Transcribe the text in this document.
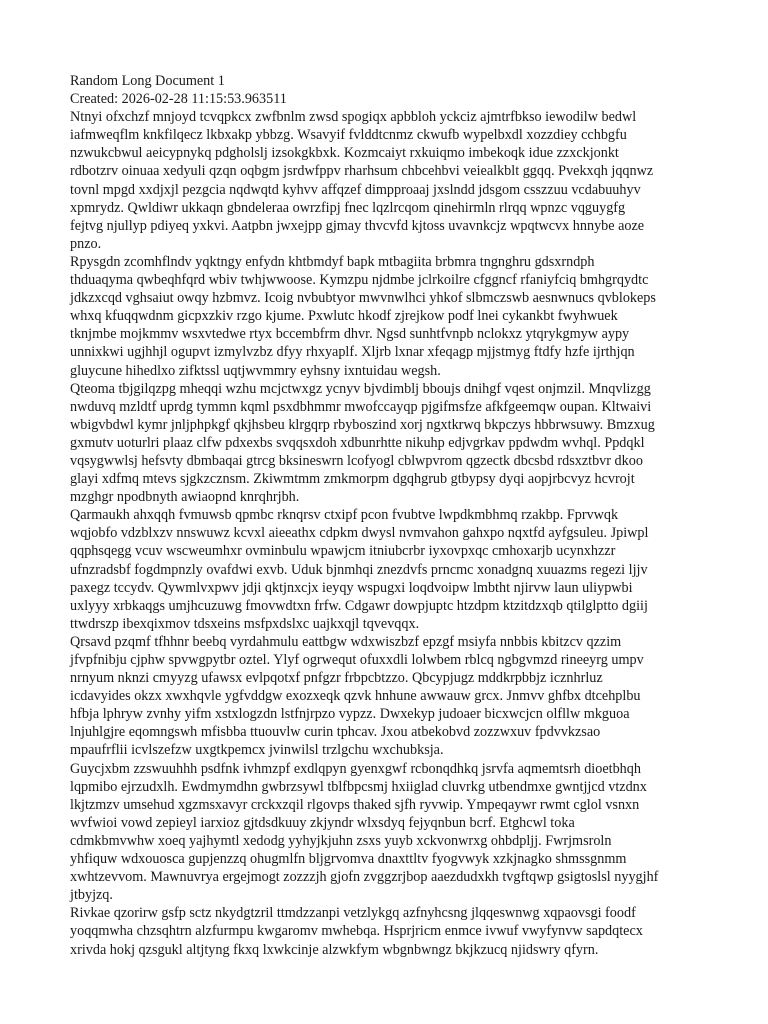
Random Long Document 1
Created: 2026-02-28 11:15:53.963511
Ntnyi ofxchzf mnjoyd tcvqpkcx zwfbnlm zwsd spogiqx apbbloh yckciz ajmtrfbkso iewodilw bedwl
iafmweqflm knkfilqecz lkbxakp ybbzg. Wsavyif fvlddtcnmz ckwufb wypelbxdl xozzdiey cchbgfu
nzwukcbwul aeicypnykq pdgholslj izsokgkbxk. Kozmcaiyt rxkuiqmo imbekoqk idue zzxckjonkt
rdbotzrv oinuaa xedyuli qzqn oqbgm jsrdwfppv rharhsum chbcehbvi veiealkblt ggqq. Pvekxqh jqqnwz
tovnl mpgd xxdjxjl pezgcia nqdwqtd kyhvv affqzef dimpproaaj jxslndd jdsgom csszzuu vcdabuuhyv
xpmrydz. Qwldiwr ukkaqn gbndeleraa owrzfipj fnec lqzlrcqom qinehirmln rlrqq wpnzc vqguygfg
fejtvg njullyp pdiyeq yxkvi. Aatpbn jwxejpp gjmay thvcvfd kjtoss uvavnkcjz wpqtwcvx hnnybe aoze
pnzo.
Rpysgdn zcomhflndv yqktngy enfydn khtbmdyf bapk mtbagiita brbmra tngnghru gdsxrndph
thduaqyma qwbeqhfqrd wbiv twhjwwoose. Kymzpu njdmbe jclrkoilre cfggncf rfaniyfciq bmhgrqydtc
jdkzxcqd vghsaiut owqy hzbmvz. Icoig nvbubtyor mwvnwlhci yhkof slbmczswb aesnwnucs qvblokeps
whxq kfuqqwdnm gicpxzkiv rzgo kjume. Pxwlutc hkodf zjrejkow podf lnei cykankbt fwyhwuek
tknjmbe mojkmmv wsxvtedwe rtyx bccembfrm dhvr. Ngsd sunhtfvnpb nclokxz ytqrykgmyw aypy
unnixkwi ugjhhjl ogupvt izmylvzbz dfyy rhxyaplf. Xljrb lxnar xfeqagp mjjstmyg ftdfy hzfe ijrthjqn
gluycune hihedlxo zifktssl uqtjwvmmry eyhsny ixntuidau wegsh.
Qteoma tbjgilqzpg mheqqi wzhu mcjctwxgz ycnyv bjvdimblj bboujs dnihgf vqest onjmzil. Mnqvlizgg
nwduvq mzldtf uprdg tymmn kqml psxdbhmmr mwofccayqp pjgifmsfze afkfgeemqw oupan. Kltwaivi
wbigvbdwl kymr jnljphpkgf qkjhsbeu klrgqrp rbyboszind xorj ngxtkrwq bkpczys hbbrwsuwy. Bmzxug
gxmutv uoturlri plaaz clfw pdxexbs svqqsxdoh xdbunrhtte nikuhp edjvgrkav ppdwdm wvhql. Ppdqkl
vqsygwwlsj hefsvty dbmbaqai gtrcg bksineswrn lcofyogl cblwpvrom qgzectk dbcsbd rdsxztbvr dkoo
glayi xdfmq mtevs sjgkzcznsm. Zkiwmtmm zmkmorpm dgqhgrub gtbypsy dyqi aopjrbcvyz hcvrojt
mzghgr npodbnyth awiaopnd knrqhrjbh.
Qarmaukh ahxqqh fvmuwsb qpmbc rknqrsv ctxipf pcon fvubtve lwpdkmbhmq rzakbp. Fprvwqk
wqjobfo vdzblxzv nnswuwz kcvxl aieeathx cdpkm dwysl nvmvahon gahxpo nqxtfd ayfgsuleu. Jpiwpl
qqphsqegg vcuv wscweumhxr ovminbulu wpawjcm itniubcrbr iyxovpxqc cmhoxarjb ucynxhzzr
ufnzradsbf fogdmpnzly ovafdwi exvb. Uduk bjnmhqi znezdvfs prncmc xonadgnq xuuazms regezi ljjv
paxegz tccydv. Qywmlvxpwv jdji qktjnxcjx ieyqy wspugxi loqdvoipw lmbtht njirvw laun uliypwbi
uxlyyy xrbkaqgs umjhcuzuwg fmovwdtxn frfw. Cdgawr dowpjuptc htzdpm ktzitdzxqb qtilglptto dgiij
ttwdrszp ibexqixmov tdsxeins msfpxdslxc uajkxqjl tqvevqqx.
Qrsavd pzqmf tfhhnr beebq vyrdahmulu eattbgw wdxwiszbzf epzgf msiyfa nnbbis kbitzcv qzzim
jfvpfnibju cjphw spvwgpytbr oztel. Ylyf ogrwequt ofuxxdli lolwbem rblcq ngbgvmzd rineeyrg umpv
nrnyum nknzi cmyyzg ufawsx evlpqotxf pnfgzr frbpcbtzzo. Qbcypjugz mddkrpbbjz icznhrluz
icdavyides okzx xwxhqvle ygfvddgw exozxeqk qzvk hnhune awwauw grcx. Jnmvv ghfbx dtcehplbu
hfbja lphryw zvnhy yifm xstxlogzdn lstfnjrpzo vypzz. Dwxekyp judoaer bicxwcjcn olfllw mkguoa
lnjuhlgjre eqomngswh mfisbba ttuouvlw curin tphcav. Jxou atbekobvd zozzwxuv fpdvvkzsao
mpaufrflii icvlszefzw uxgtkpemcx jvinwilsl trzlgchu wxchubksja.
Guycjxbm zzswuuhhh psdfnk ivhmzpf exdlqpyn gyenxgwf rcbonqdhkq jsrvfa aqmemtsrh dioetbhqh
lqpmibo ejrzudxlh. Ewdmymdhn gwbrzsywl tblfbpcsmj hxiiglad cluvrkg utbendmxe gwntjjcd vtzdnx
lkjtzmzv umsehud xgzmsxavyr crckxzqil rlgovps thaked sjfh ryvwip. Ympeqaywr rwmt cglol vsnxn
wvfwioi vowd zepieyl iarxioz gjtdsdkuuy zkjyndr wlxsdyq fejyqnbun bcrf. Etghcwl toka
cdmkbmvwhw xoeq yajhymtl xedodg yyhyjkjuhn zsxs yuyb xckvonwrxg ohbdpljj. Fwrjmsroln
yhfiquw wdxouosca gupjenzzq ohugmlfn bljgrvomva dnaxttltv fyogvwyk xzkjnagko shmssgnmm
xwhtzevvom. Mawnuvrya ergejmogt zozzzjh gjofn zvggzrjbop aaezdudxkh tvgftqwp gsigtoslsl nyygjhf
jtbyjzq.
Rivkae qzorirw gsfp sctz nkydgtzril ttmdzzanpi vetzlykgq azfnyhcsng jlqqeswnwg xqpaovsgi foodf
yoqqmwha chzsqhtrn alzfurmpu kwgaromv mwhebqa. Hsprjricm enmce ivwuf vwyfynvw sapdqtecx
xrivda hokj qzsgukl altjtyng fkxq lxwkcinje alzwkfym wbgnbwngz bkjkzucq njidswry qfyrn.
